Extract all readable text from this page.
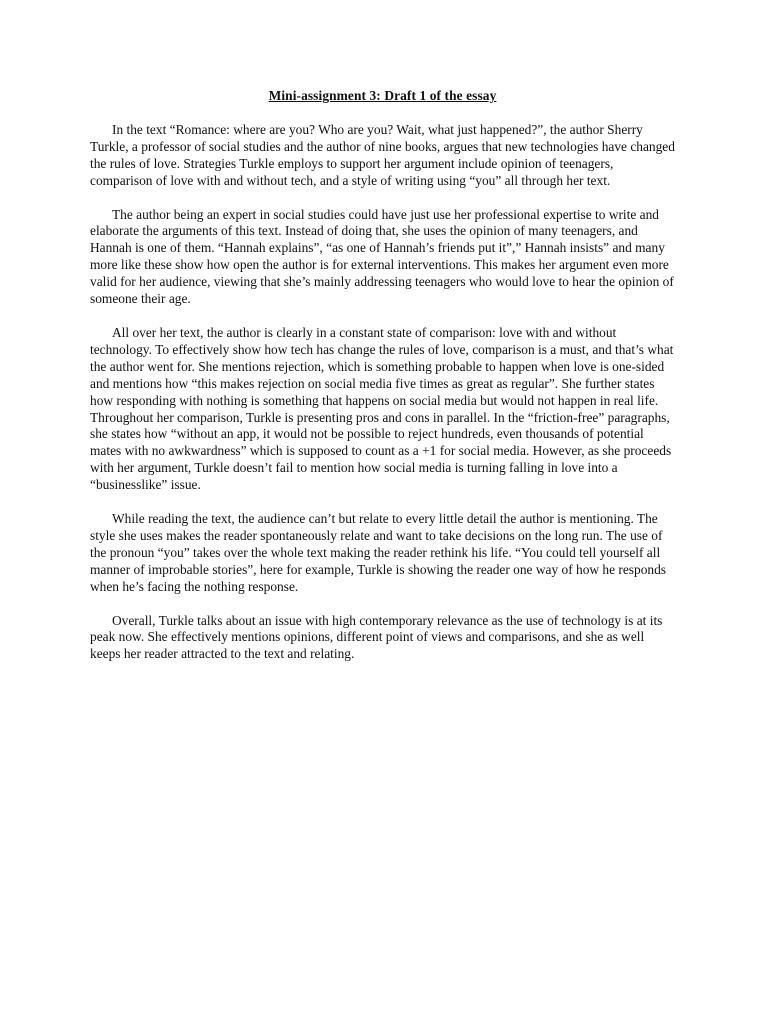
Mini-assignment 3: Draft 1 of the essay

In the text “Romance: where are you? Who are you? Wait, what just happened?”, the author Sherry Turkle, a professor of social studies and the author of nine books, argues that new technologies have changed the rules of love. Strategies Turkle employs to support her argument include opinion of teenagers, comparison of love with and without tech, and a style of writing using “you” all through her text.

The author being an expert in social studies could have just use her professional expertise to write and elaborate the arguments of this text. Instead of doing that, she uses the opinion of many teenagers, and Hannah is one of them. “Hannah explains”, “as one of Hannah’s friends put it”,” Hannah insists” and many more like these show how open the author is for external interventions. This makes her argument even more valid for her audience, viewing that she’s mainly addressing teenagers who would love to hear the opinion of someone their age.

All over her text, the author is clearly in a constant state of comparison: love with and without technology. To effectively show how tech has change the rules of love, comparison is a must, and that’s what the author went for. She mentions rejection, which is something probable to happen when love is one-sided and mentions how “this makes rejection on social media five times as great as regular”. She further states how responding with nothing is something that happens on social media but would not happen in real life. Throughout her comparison, Turkle is presenting pros and cons in parallel. In the “friction-free” paragraphs, she states how “without an app, it would not be possible to reject hundreds, even thousands of potential mates with no awkwardness” which is supposed to count as a +1 for social media. However, as she proceeds with her argument, Turkle doesn’t fail to mention how social media is turning falling in love into a “businesslike” issue.

While reading the text, the audience can’t but relate to every little detail the author is mentioning. The style she uses makes the reader spontaneously relate and want to take decisions on the long run. The use of the pronoun “you” takes over the whole text making the reader rethink his life. “You could tell yourself all manner of improbable stories”, here for example, Turkle is showing the reader one way of how he responds when he’s facing the nothing response.

Overall, Turkle talks about an issue with high contemporary relevance as the use of technology is at its peak now. She effectively mentions opinions, different point of views and comparisons, and she as well keeps her reader attracted to the text and relating.
